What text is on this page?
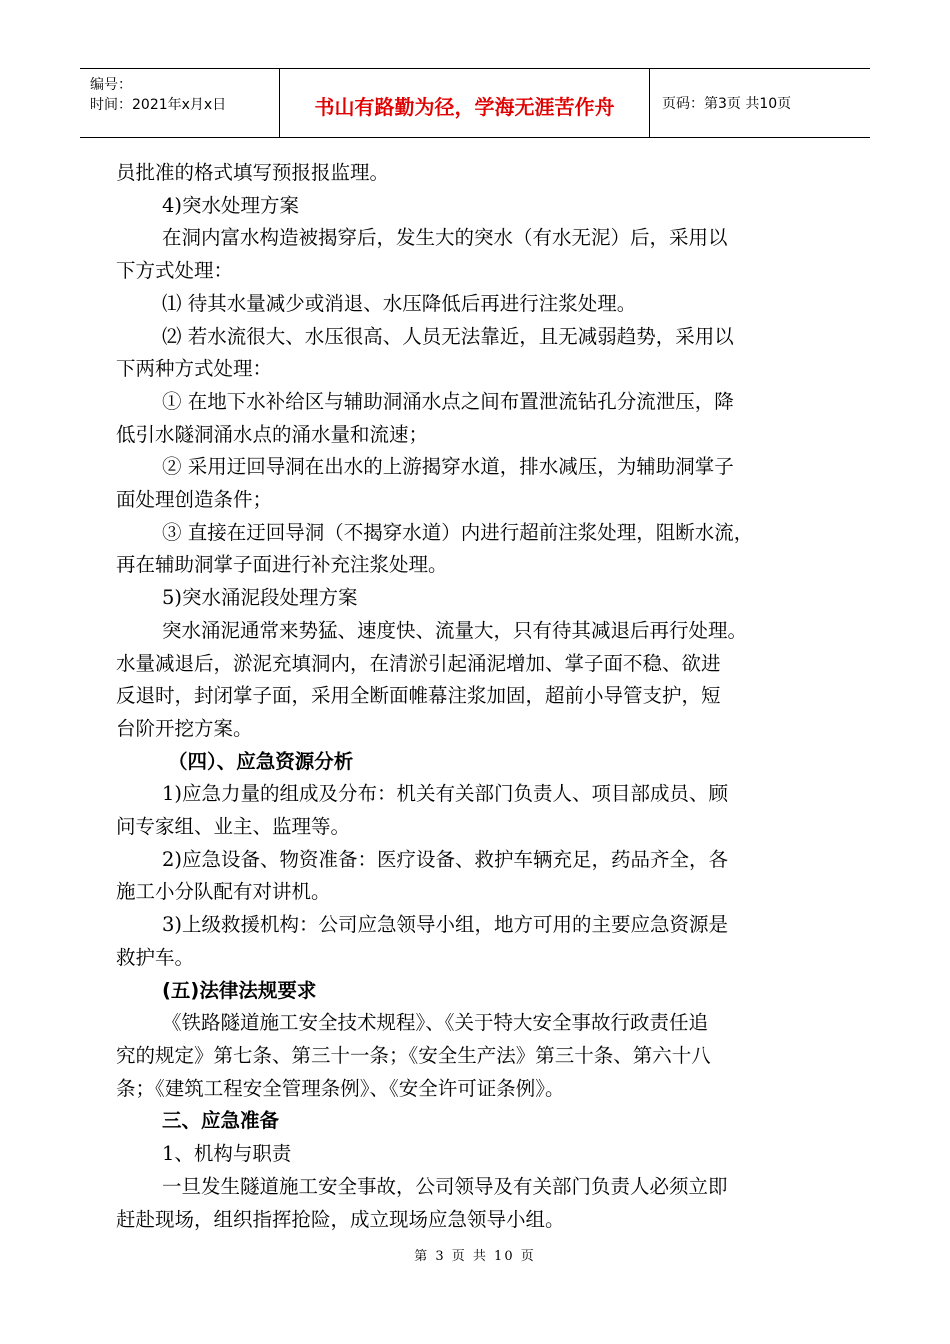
编号：
时间：2021年x月x日	书山有路勤为径，学海无涯苦作舟	页码：第3页 共10页

员批准的格式填写预报报监理。

4)突水处理方案

在洞内富水构造被揭穿后，发生大的突水（有水无泥）后，采用以

下方式处理：

⑴ 待其水量减少或消退、水压降低后再进行注浆处理。

⑵ 若水流很大、水压很高、人员无法靠近，且无减弱趋势，采用以

下两种方式处理：

① 在地下水补给区与辅助洞涌水点之间布置泄流钻孔分流泄压，降

低引水隧洞涌水点的涌水量和流速；

② 采用迂回导洞在出水的上游揭穿水道，排水减压，为辅助洞掌子

面处理创造条件；

③ 直接在迂回导洞（不揭穿水道）内进行超前注浆处理，阻断水流，

再在辅助洞掌子面进行补充注浆处理。

5)突水涌泥段处理方案

突水涌泥通常来势猛、速度快、流量大，只有待其减退后再行处理。

水量减退后，淤泥充填洞内，在清淤引起涌泥增加、掌子面不稳、欲进

反退时，封闭掌子面，采用全断面帷幕注浆加固，超前小导管支护，短

台阶开挖方案。

（四）、应急资源分析

1)应急力量的组成及分布：机关有关部门负责人、项目部成员、顾

问专家组、业主、监理等。

2)应急设备、物资准备：医疗设备、救护车辆充足，药品齐全，各

施工小分队配有对讲机。

3)上级救援机构：公司应急领导小组，地方可用的主要应急资源是

救护车。

(五)法律法规要求

《铁路隧道施工安全技术规程》、《关于特大安全事故行政责任追

究的规定》第七条、第三十一条；《安全生产法》第三十条、第六十八

条；《建筑工程安全管理条例》、《安全许可证条例》。

三、应急准备

1、机构与职责

一旦发生隧道施工安全事故，公司领导及有关部门负责人必须立即

赶赴现场，组织指挥抢险，成立现场应急领导小组。

第 3 页 共 10 页
